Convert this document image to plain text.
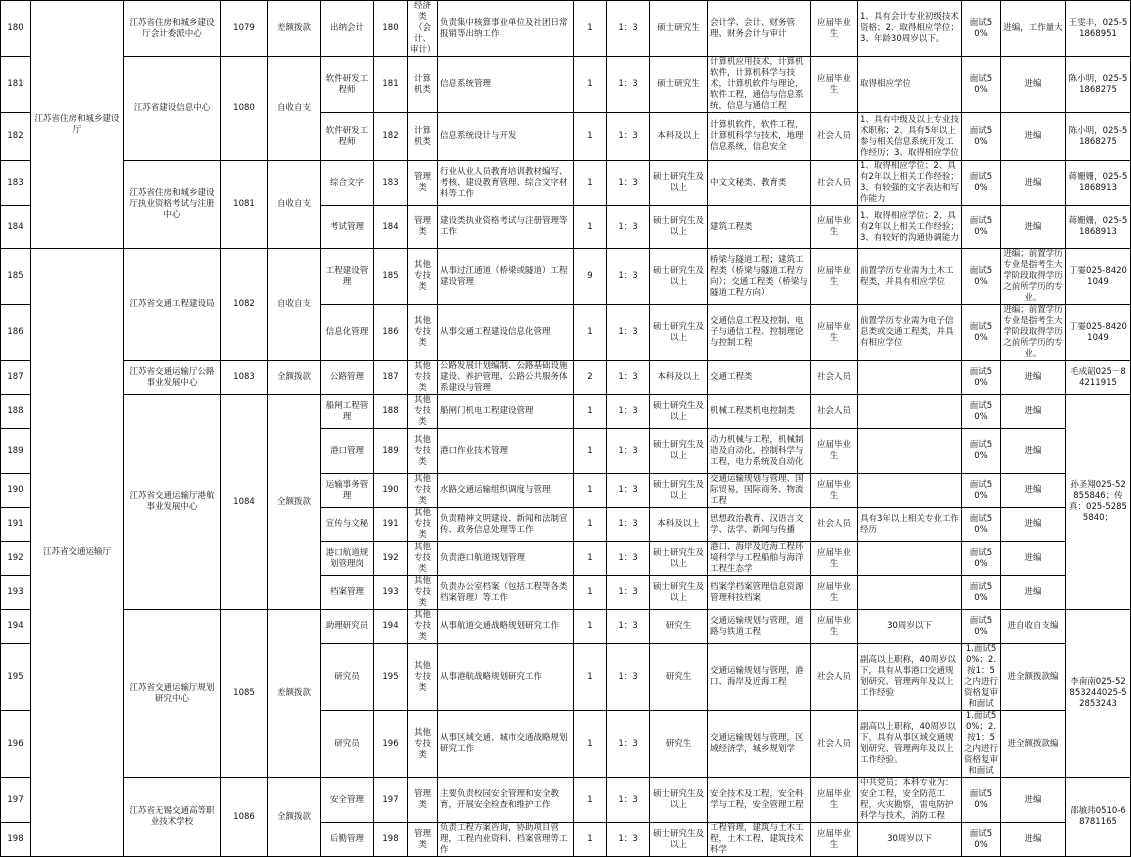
180	江苏省住房和城乡建设厅	江苏省住房和城乡建设厅会计委派中心	1079	差额拨款	出纳会计	180	经济类（会计、审计）	负责集中核算事业单位及社团日常报销等出纳工作	1	1：3	硕士研究生	会计学、会计、财务管理、财务会计与审计	应届毕业生	1、具有会计专业初级技术资格；2、取得相应学位；3、年龄30周岁以下。	面试50%	进编，工作量大	王雯丰，025-51868951
181		江苏省建设信息中心	1080	自收自支	软件研发工程师	181	计算机类	信息系统管理	1	1：3	硕士研究生	计算机应用技术，计算机软件，计算机科学与技术，计算机软件与理论，软件工程，通信与信息系统，信息与通信工程	应届毕业生	取得相应学位	面试50%	进编	陈小明，025-51868275
182					软件研发工程师	182	计算机类	信息系统设计与开发	1	1：3	本科及以上	计算机软件，软件工程，计算机科学与技术，地理信息系统，信息安全	社会人员	1、具有中级及以上专业技术职称；2、具有5年以上参与相关信息系统开发工作经历；3、取得相应学位	面试50%	进编	陈小明，025-51868275
183		江苏省住房和城乡建设厅执业资格考试与注册中心	1081	自收自支	综合文字	183	管理类	行业从业人员教育培训教材编写、考核、建设教育管理、综合文字材料等工作	1	1：3	硕士研究生及以上	中文文秘类、教育类	社会人员	1、取得相应学位；2、具有2年以上相关工作经验；3、有较强的文字表达和写作能力	面试50%	进编	蒋姗姗，025-51868913
184					考试管理	184	管理类	建设类执业资格考试与注册管理等工作	1	1：3	硕士研究生及以上	建筑工程类	应届毕业生	1、取得相应学位；2、具有2年以上相关工作经验；3、有较好的沟通协调能力	面试50%	进编	蒋姗姗，025-51868913
185	江苏省交通运输厅	江苏省交通工程建设局	1082	自收自支	工程建设管理	185	其他专技类	从事过江通道（桥梁或隧道）工程建设管理	9	1：3	硕士研究生及以上	桥梁与隧道工程；建筑工程类（桥梁与隧道工程方向）；交通工程类（桥梁与隧道工程方向）	应届毕业生	前置学历专业需为土木工程类，并具有相应学位	面试50%	进编；前置学历专业是指考生大学阶段取得学历之前所学历的专业。	丁霎025-84201049
186					信息化管理	186	其他专技类	从事交通工程建设信息化管理	1	1：3	硕士研究生及以上	交通信息工程及控制、电子与通信工程、控制理论与控制工程	应届毕业生	前置学历专业需为电子信息类或交通工程类，并具有相应学位	面试50%	进编；前置学历专业是指考生大学阶段取得学历之前所学历的专业。	丁霎025-84201049
187		江苏省交通运输厅公路事业发展中心	1083	全额拨款	公路管理	187	其他专技类	公路发展计划编制、公路基础设施建设、养护管理、公路公共服务体系建设与管理	2	1：3	本科及以上	交通工程类	社会人员		面试50%	进编	毛成韶025－84211915
188		江苏省交通运输厅港航事业发展中心	1084	全额拨款	船闸工程管理	188	其他专技类	船闸门机电工程建设管理	1	1：3	硕士研究生及以上	机械工程类机电控制类	社会人员		面试50%	进编	孙圣翔025-52855846；传真：025-52855840；
189					港口管理	189	其他专技类	港口作业技术管理	1	1：3	硕士研究生及以上	动力机械与工程，机械制造及自动化，控制科学与工程，电力系统及自动化	应届毕业生		面试50%	进编	
190					运输事务管理	190	其他专技类	水路交通运输组织调度与管理	1	1：3	硕士研究生及以上	交通运输规划与管理、国际贸易，国际商务、物流工程	应届毕业生		面试50%	进编	
191					宣传与文秘	191	其他专技类	负责精神文明建设、新闻和法制宣传、政务信息处理等工作	1	1：3	本科及以上	思想政治教育、汉语言文学、法学、新闻与传播	社会人员	具有3年以上相关专业工作经历	面试50%	进编	
192					港口航道规划管理岗	192	其他专技类	负责港口航道规划管理	1	1：3	硕士研究生及以上	港口、海岸及近海工程环境科学与工程船舶与海洋工程生态学	应届毕业生		面试50%	进编	
193					档案管理	193	其他专技类	负责办公室档案（包括工程等各类档案管理）等工作	1	1：3	硕士研究生及以上	档案学档案管理信息资源管理科技档案	应届毕业生		面试50%	进编	
194		江苏省交通运输厅规划研究中心	1085	差额拨款	助理研究员	194	其他专技类	从事航道交通战略规划研究工作	1	1：3	研究生	交通运输规划与管理，道路与铁道工程	应届毕业生	30周岁以下	面试50%	进自收自支编	李南南025-52853244025-52853243
195					研究员	195	其他专技类	从事港航战略规划研究工作	1	1：3	研究生	交通运输规划与管理，港口、海岸及近海工程	社会人员	副高以上职称，40周岁以下，具有从事港口交通规划研究、管理两年及以上工作经验	1.面试50%；2.按1：5之内进行资格复审和面试	进全额拨款编	
196					研究员	196	其他专技类	从事区域交通、城市交通战略规划研究工作	1	1：3	研究生	交通运输规划与管理，区域经济学，城乡规划学	社会人员	副高以上职称，40周岁以下，具有从事区域交通规划研究、管理两年及以上工作经验。	1.面试50%；2.按1：5之内进行资格复审和面试	进全额拨款编	
197		江苏省无锡交通高等职业技术学校	1086	全额拨款	安全管理	197	管理类	主要负责校园安全管理和安全教育，开展安全检查和维护工作	1	1：3	硕士研究生及以上	安全技术及工程，安全科学与工程，安全管理工程	应届毕业生	中共党员；本科专业为：安全工程，安全防范工程，火灾勘察，雷电防护科学与技术，消防工程	面试50%	进编	邵敏玮0510-68781165
198					后勤管理	198	管理类	负责工程方案咨询，协助项目管理，工程内业资料、档案管理等工作	1	1：3	硕士研究生及以上	工程管理，建筑与土木工程，土木工程，建筑技术科学	应届毕业生	30周岁以下	面试50%	进编	
